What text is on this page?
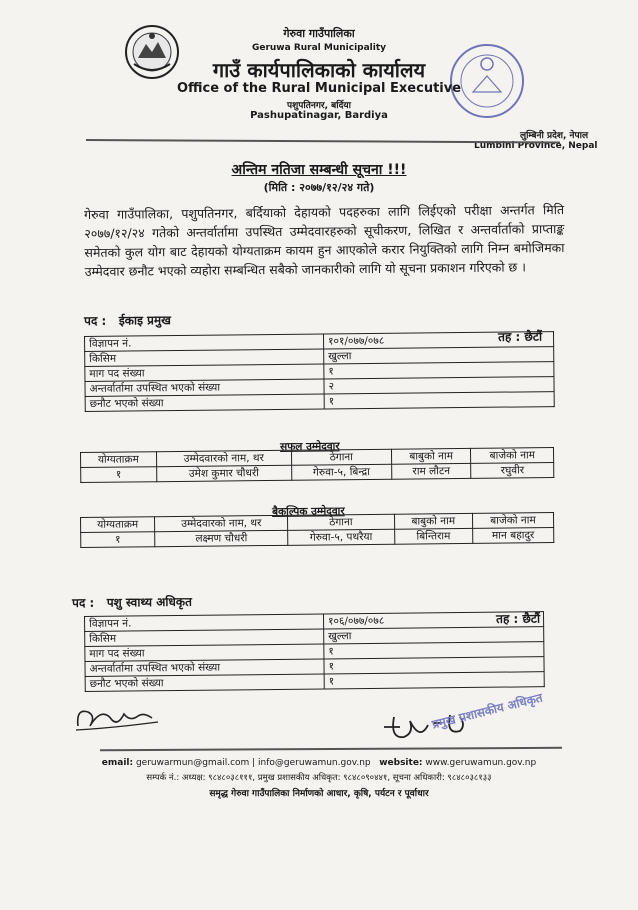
गेरुवा गाउँपालिका
Geruwa Rural Municipality
गाउँ कार्यपालिकाको कार्यालय
Office of the Rural Municipal Executive
पशुपतिनगर, बर्दिया
Pashupatinagar, Bardiya
लुम्बिनी प्रदेश, नेपाल
Lumbini Province, Nepal
अन्तिम नतिजा सम्बन्धी सूचना !!!
(मिति : २०७७/१२/२४ गते)
गेरुवा गाउँपालिका, पशुपतिनगर, बर्दियाको देहायको पदहरुका लागि लिईएको परीक्षा अन्तर्गत मिति २०७७/१२/२४ गतेको अन्तर्वार्तामा उपस्थित उम्मेदवारहरुको सूचीकरण, लिखित र अन्तर्वार्ताको प्राप्ताङ्क समेतको कुल योग बाट देहायको योग्यताक्रम कायम हुन आएकोले करार नियुक्तिको लागि निम्न बमोजिमका उम्मेदवार छनौट भएको व्यहोरा सम्बन्धित सबैको जानकारीको लागि यो सूचना प्रकाशन गरिएको छ ।
पद : ईकाइ प्रमुख
तह : छैटौं
विज्ञापन नं.	१०१/०७७/०७८
किसिम	खुल्ला
माग पद संख्या	१
अन्तर्वार्तामा उपस्थित भएको संख्या	२
छनौट भएको संख्या	१
सफल उम्मेदवार
योग्यताक्रम	उम्मेदवारको नाम, थर	ठेगाना	बाबुको नाम	बाजेको नाम
१	उमेश कुमार चौधरी	गेरुवा-५, बिन्द्रा	राम लौटन	रघुवीर
बैकल्पिक उम्मेदवार
योग्यताक्रम	उम्मेदवारको नाम, थर	ठेगाना	बाबुको नाम	बाजेको नाम
१	लक्ष्मण चौधरी	गेरुवा-५, पथरैया	बिन्तिराम	मान बहादुर
पद : पशु स्वाथ्य अधिकृत
तह : छैटौं
विज्ञापन नं.	१०६/०७७/०७८
किसिम	खुल्ला
माग पद संख्या	१
अन्तर्वार्तामा उपस्थित भएको संख्या	१
छनौट भएको संख्या	१
प्रमुख प्रशासकीय अधिकृत
email: geruwarmun@gmail.com | info@geruwamun.gov.np website: www.geruwamun.gov.np
सम्पर्क नं.: अध्यक्ष: ९८४८०३८१११, प्रमुख प्रशासकीय अधिकृत: ९८४८०९०४४१, सूचना अधिकारी: ९८४८०३८१३३
समृद्ध गेरुवा गाउँपालिका निर्माणको आधार, कृषि, पर्यटन र पूर्वाधार
